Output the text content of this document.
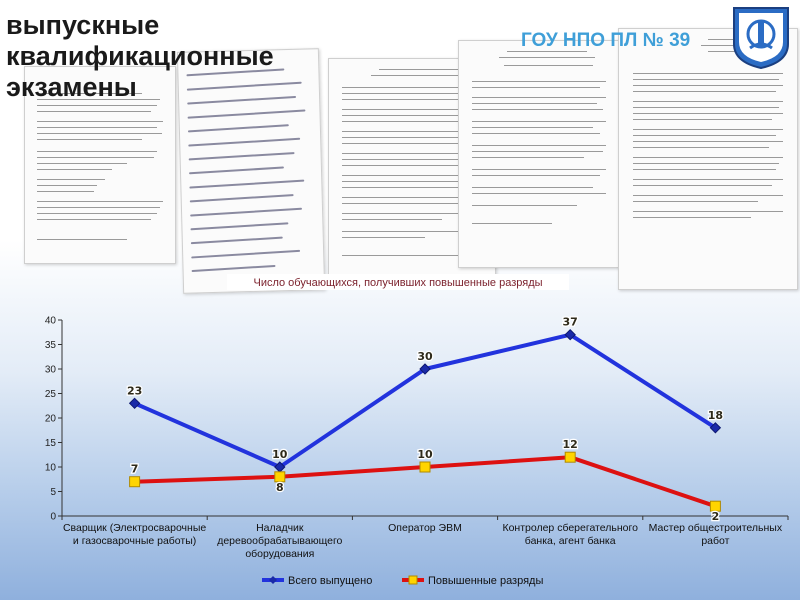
выпускные
квалификационные
экзамены
ГОУ НПО ПЛ № 39
Число обучающихся, получивших повышенные разряды
0
5
10
15
20
25
30
35
40
Сварщик (Электросварочные
и газосварочные работы)
Наладчик
деревообрабатывающего
оборудования
Оператор ЭВМ	Контролер сберегательного
банка, агент банка
Мастер общестроительных
работ
23
10
30
37
18
7
8
10
12
2
Всего выпущено	Повышенные разряды
